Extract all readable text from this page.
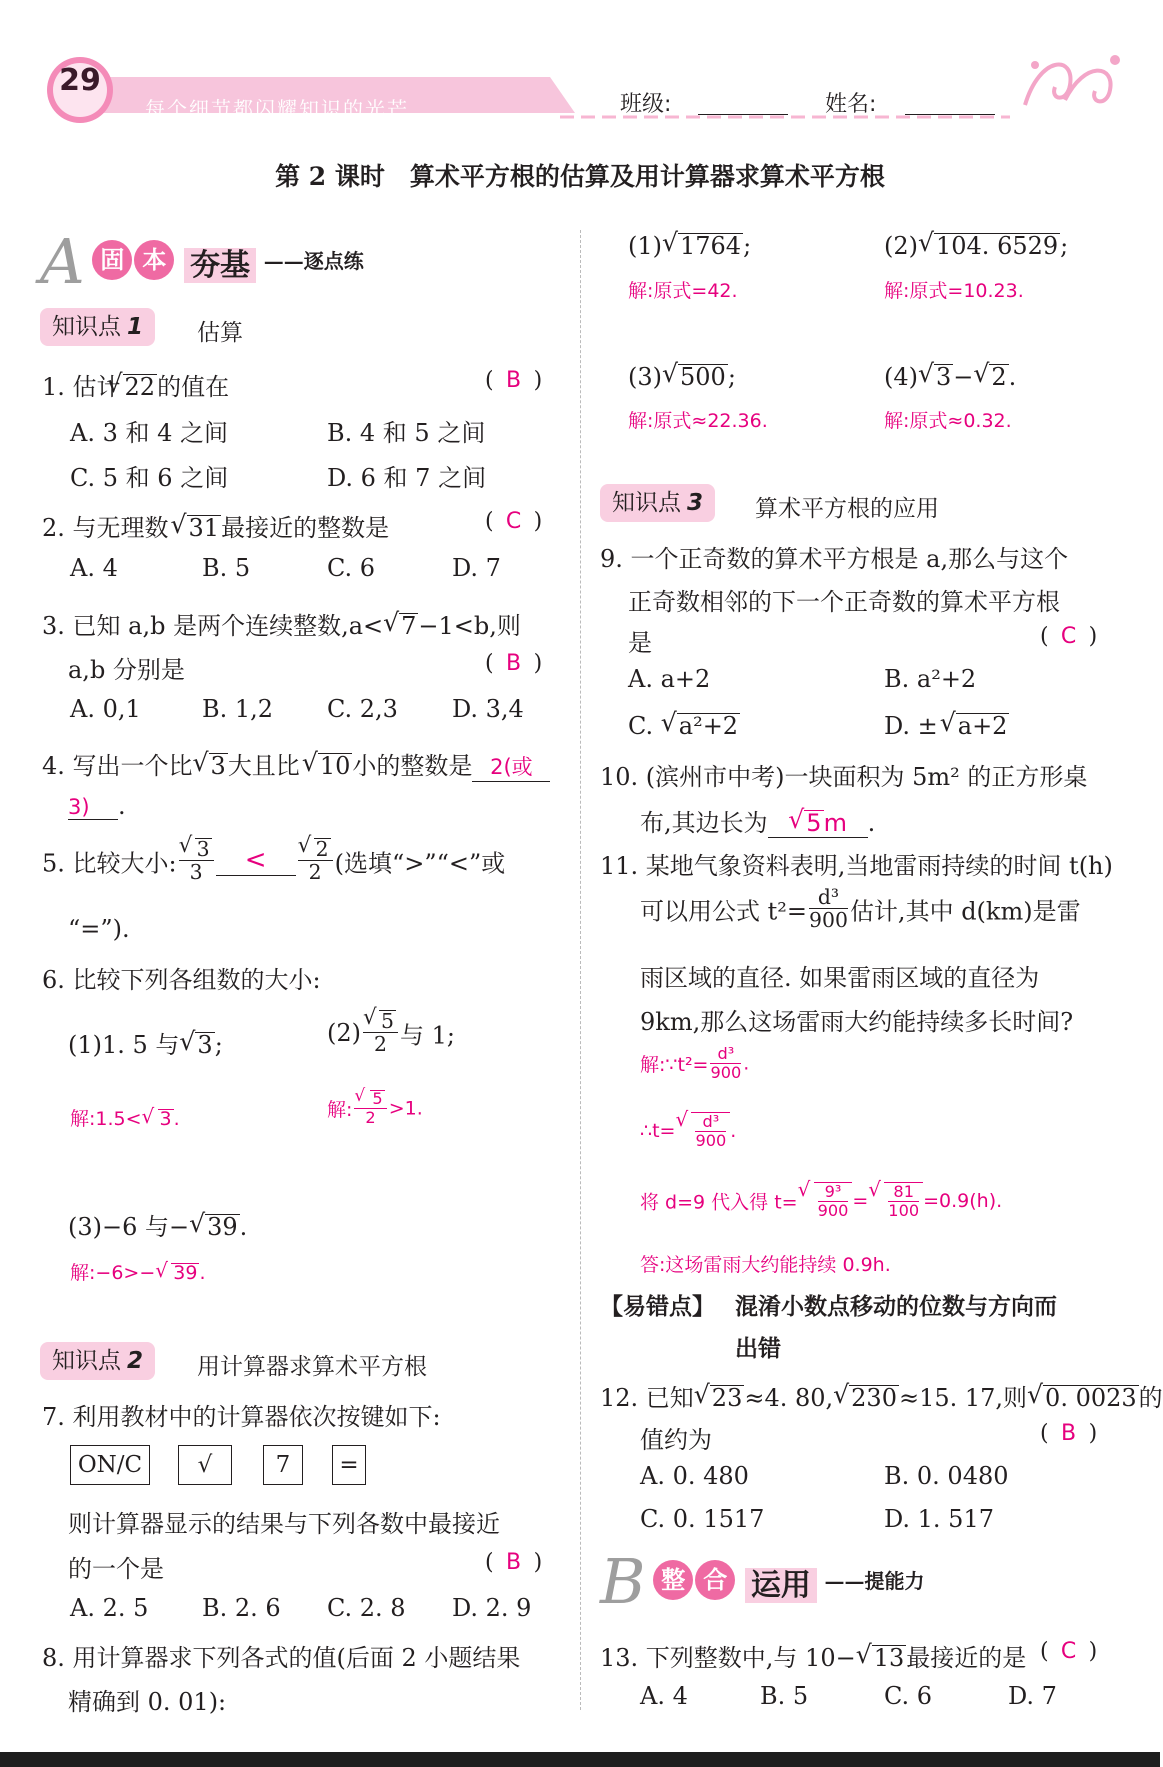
29
每个细节都闪耀知识的光芒	班级:	姓名:
第 2 课时　算术平方根的估算及用计算器求算术平方根
A 固 本 夯基 ——逐点练
知识点 1	估算
1. 估计 √ 22的值在	( B )
A. 3 和 4 之间	B. 4 和 5 之间
C. 5 和 6 之间	D. 6 和 7 之间
2. 与无理数 √ 31最接近的整数是	( C )
A. 4	B. 5	C. 6	D. 7
3. 已知 a,b 是两个连续整数,a< √ 7−1<b,则
a,b 分别是	( B )
A. 0,1	B. 1,2 C. 2,3 D. 3,4
4. 写出一个比 √ 3大且比 √ 10小的整数是 2(或
3) .
5. 比较大小: √ $\frac{3}{3}$ < √ $\frac{2}{2}$ (选填“>”“<”或
“=”).
6. 比较下列各组数的大小:
(1)1. 5 与 √ 3;	(2) √ $\frac{5}{2}$ 与 1;
解:1.5< √ 3 .	解: √ $\frac{5}{2} >1$.
(3)−6 与− √ 39.
解:−6>− √ 39 .
知识点 2	用计算器求算术平方根
7. 利用教材中的计算器依次按键如下:
ON/C	√	7	=
则计算器显示的结果与下列各数中最接近
的一个是	( B )
A. 2. 5 B. 2. 6 C. 2. 8 D. 2. 9
8. 用计算器求下列各式的值(后面 2 小题结果
精确到 0. 01):
(1) √ 1764;	(2) √ 104. 6529;
解:原式=42.	解:原式=10.23.
(3) √ 500;	(4) √ 3− √ 2.
解:原式≈22.36.	解:原式≈0.32.
知识点 3	算术平方根的应用
9. 一个正奇数的算术平方根是 a,那么与这个
正奇数相邻的下一个正奇数的算术平方根
是	( C )
A. a+2	B. a²+2
C. √ a²+2	D. ± √ a+2
10. (滨州市中考)一块面积为 5m² 的正方形桌
布,其边长为 √ 5m .
11. 某地气象资料表明,当地雷雨持续的时间 t(h)
可以用公式 $t^2= \frac{\text{d³}}{900}$ 估计,其中 d(km)是雷
雨区域的直径. 如果雷雨区域的直径为
9km,那么这场雷雨大约能持续多长时间?
解:∵t²= $\frac{\text{d³}}{900}$ .
∴t= √ $\frac{\text{d³}}{900}$ .
将 d=9 代入得 t= √ $\frac{\text{9³}}{900}$ = √ $\frac{81}{100} =0.9(h)$.
答:这场雷雨大约能持续 0.9h.
【易错点】 混淆小数点移动的位数与方向而
出错
12. 已知 √ 23≈4. 80, √ 230≈15. 17,则 √ 0. 0023的
值约为	( B )
A. 0. 480	B. 0. 0480
C. 0. 1517	D. 1. 517
B 整 合 运用 ——提能力
13. 下列整数中,与 10− √ 13最接近的是 ( C )
A. 4	B. 5	C. 6	D. 7
